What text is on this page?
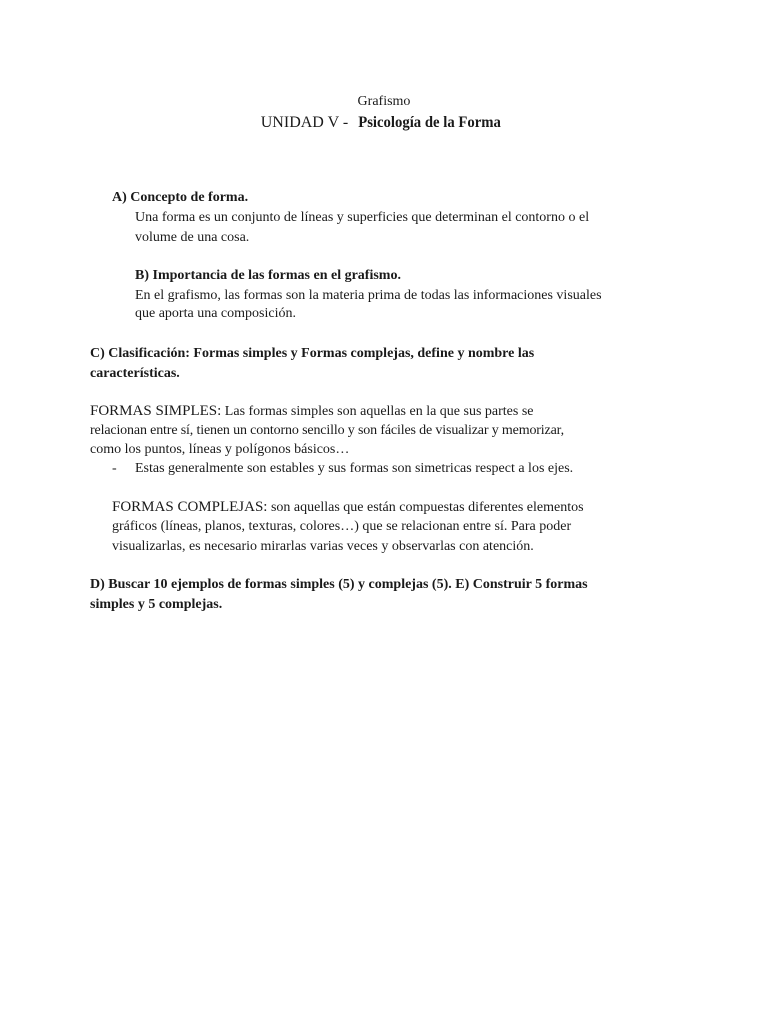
Grafismo
UNIDAD V - Psicología de la Forma
A) Concepto de forma.
Una forma es un conjunto de líneas y superficies que determinan el contorno o el
volume de una cosa.
B) Importancia de las formas en el grafismo.
En el grafismo, las formas son la materia prima de todas las informaciones visuales
que aporta una composición.
C) Clasificación: Formas simples y Formas complejas, define y nombre las
características.
FORMAS SIMPLES: Las formas simples son aquellas en la que sus partes se
relacionan entre sí, tienen un contorno sencillo y son fáciles de visualizar y memorizar,
como los puntos, líneas y polígonos básicos…
- Estas generalmente son estables y sus formas son simetricas respect a los ejes.
FORMAS COMPLEJAS: son aquellas que están compuestas diferentes elementos
gráficos (líneas, planos, texturas, colores…) que se relacionan entre sí. Para poder
visualizarlas, es necesario mirarlas varias veces y observarlas con atención.
D) Buscar 10 ejemplos de formas simples (5) y complejas (5). E) Construir 5 formas
simples y 5 complejas.
